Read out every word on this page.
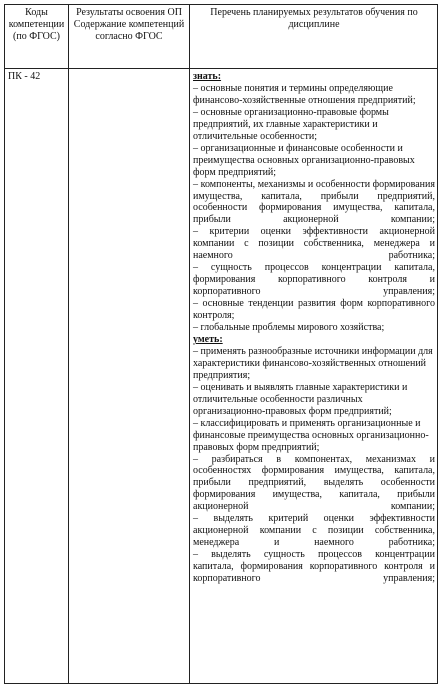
Коды компетенции (по ФГОС)
Результаты освоения ОП Содержание компетенций согласно ФГОС
Перечень планируемых результатов обучения по дисциплине
ПК - 42	знать:

– основные понятия и термины определяющие финансово-хозяйственные отношения предприятий;

– основные организационно-правовые формы предприятий, их главные характеристики и отличительные особенности;

– организационные и финансовые особенности и преимущества основных организационно-правовых форм предприятий;

– компоненты, механизмы и особенности формирования имущества, капитала, прибыли предприятий, особенности формирования имущества, капитала, прибыли акционерной компании;

– критерии оценки эффективности акционерной компании с позиции собственника, менеджера и наемного работника;

– сущность процессов концентрации капитала, формирования корпоративного контроля и корпоративного управления;

– основные тенденции развития форм корпоративного контроля;

– глобальные проблемы мирового хозяйства;

уметь:

– применять разнообразные источники информации для характеристики финансово-хозяйственных отношений предприятия;

– оценивать и выявлять главные характеристики и отличительные особенности различных организационно-правовых форм предприятий;

– классифицировать и применять организационные и финансовые преимущества основных организационно-правовых форм предприятий;

– разбираться в компонентах, механизмах и особенностях формирования имущества, капитала, прибыли предприятий, выделять особенности формирования имущества, капитала, прибыли акционерной компании;

– выделять критерий оценки эффективности акционерной компании с позиции собственника, менеджера и наемного работника;

– выделять сущность процессов концентрации капитала, формирования корпоративного контроля и корпоративного управления;
